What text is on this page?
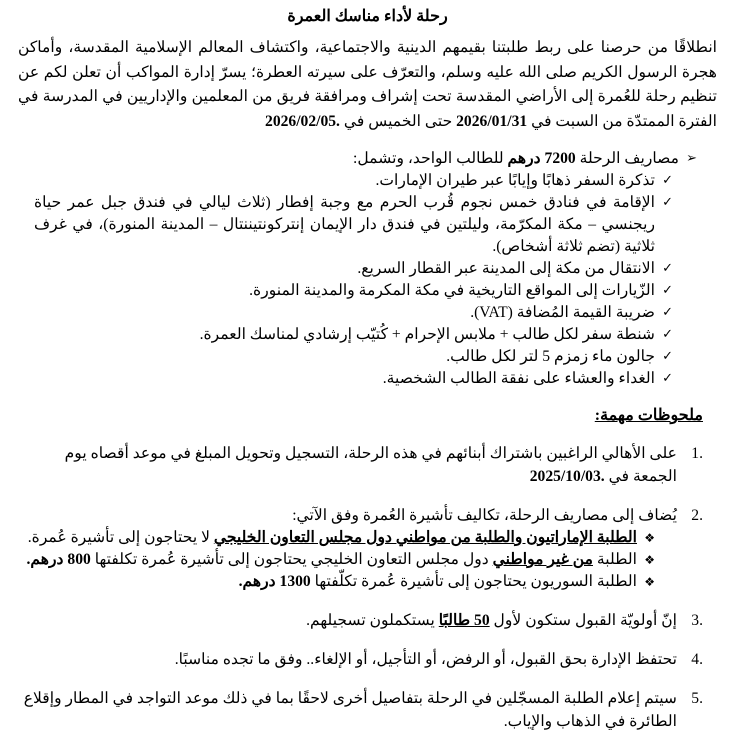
رحلة لأداء مناسك العمرة

انطلاقًا من حرصنا على ربط طلبتنا بقيمهم الدينية والاجتماعية، واكتشاف المعالم الإسلامية المقدسة، وأماكن هجرة الرسول الكريم صلى الله عليه وسلم، والتعرّف على سيرته العطرة؛ يسرّ إدارة المواكب أن تعلن لكم عن تنظيم رحلة للعُمرة إلى الأراضي المقدسة تحت إشراف ومرافقة فريق من المعلمين والإداريين في المدرسة في الفترة الممتدّة من السبت في 2026/01/31 حتى الخميس في 2026/02/05.

➢
مصاريف الرحلة 7200 درهم للطالب الواحد، وتشمل:
✓
تذكرة السفر ذهابًا وإيابًا عبر طيران الإمارات.
✓
الإقامة في فنادق خمس نجوم قُرب الحرم مع وجبة إفطار (ثلاث ليالي في فندق جبل عمر حياة ريجنسي – مكة المكرّمة، وليلتين في فندق دار الإيمان إنتركونتيننتال – المدينة المنورة)، في غرف ثلاثية (تضم ثلاثة أشخاص).
✓
الانتقال من مكة إلى المدينة عبر القطار السريع.
✓
الزّيارات إلى المواقع التاريخية في مكة المكرمة والمدينة المنورة.
✓
ضريبة القيمة المُضافة (VAT).
✓
شنطة سفر لكل طالب + ملابس الإحرام + كُتيّب إرشادي لمناسك العمرة.
✓
جالون ماء زمزم 5 لتر لكل طالب.
✓
الغداء والعشاء على نفقة الطالب الشخصية.
ملحوظات مهمة:
1.
على الأهالي الراغبين باشتراك أبنائهم في هذه الرحلة، التسجيل وتحويل المبلغ في موعد أقصاه يوم الجمعة في 2025/10/03.
2.
يُضاف إلى مصاريف الرحلة، تكاليف تأشيرة العُمرة وفق الآتي:
❖
الطلبة الإماراتيون والطلبة من مواطني دول مجلس التعاون الخليجي لا يحتاجون إلى تأشيرة عُمرة.
❖
الطلبة من غير مواطني دول مجلس التعاون الخليجي يحتاجون إلى تأشيرة عُمرة تكلفتها 800 درهم.
❖
الطلبة السوريون يحتاجون إلى تأشيرة عُمرة تكلّفتها 1300 درهم.
3.
إنّ أولويّة القبول ستكون لأول 50 طالبًا يستكملون تسجيلهم.
4.
تحتفظ الإدارة بحق القبول، أو الرفض، أو التأجيل، أو الإلغاء.. وفق ما تجده مناسبًا.
5.
سيتم إعلام الطلبة المسجّلين في الرحلة بتفاصيل أخرى لاحقًا بما في ذلك موعد التواجد في المطار وإقلاع الطائرة في الذهاب والإياب.
